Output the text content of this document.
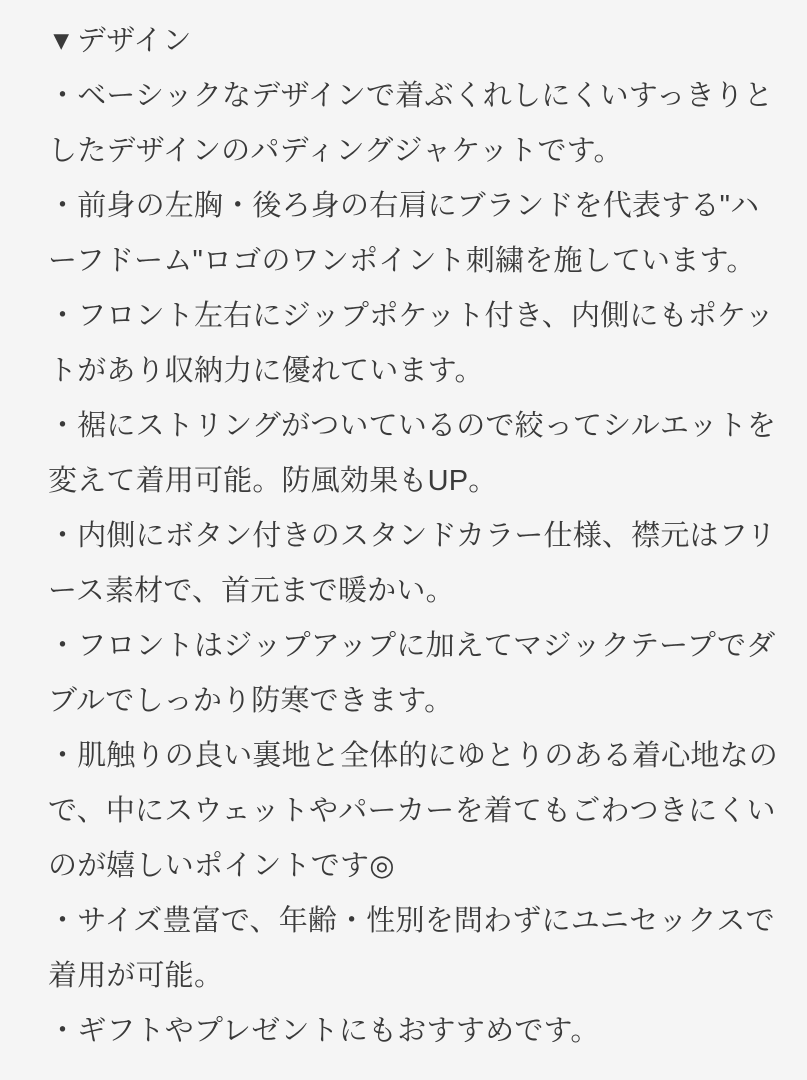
▼デザイン
・ベーシックなデザインで着ぶくれしにくいすっきりと
したデザインのパディングジャケットです。
・前身の左胸・後ろ身の右肩にブランドを代表する"ハ
ーフドーム"ロゴのワンポイント刺繍を施しています。
・フロント左右にジップポケット付き、内側にもポケッ
トがあり収納力に優れています。
・裾にストリングがついているので絞ってシルエットを
変えて着用可能。防風効果もUP。
・内側にボタン付きのスタンドカラー仕様、襟元はフリ
ース素材で、首元まで暖かい。
・フロントはジップアップに加えてマジックテープでダ
ブルでしっかり防寒できます。
・肌触りの良い裏地と全体的にゆとりのある着心地なの
で、中にスウェットやパーカーを着てもごわつきにくい
のが嬉しいポイントです◎
・サイズ豊富で、年齢・性別を問わずにユニセックスで
着用が可能。
・ギフトやプレゼントにもおすすめです。
